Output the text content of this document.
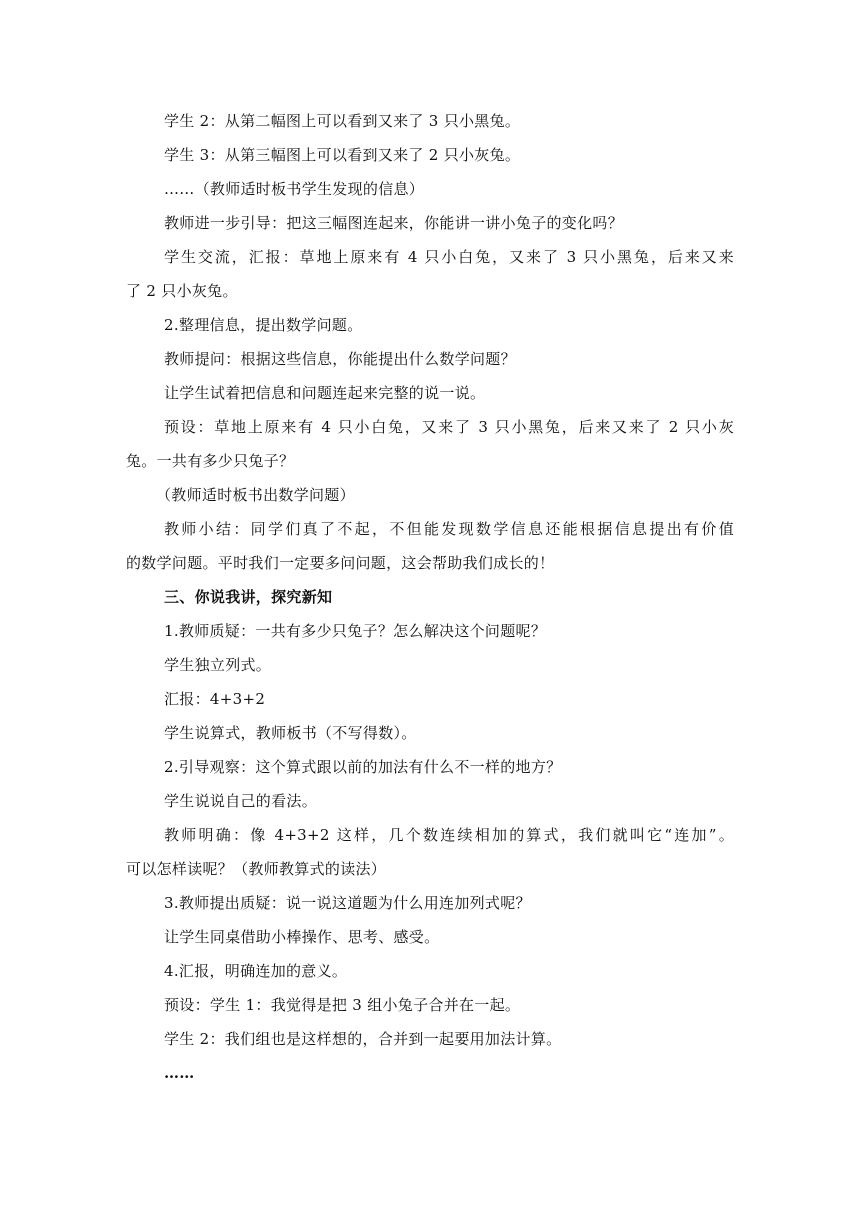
学生 2：从第二幅图上可以看到又来了 3 只小黑兔。
学生 3：从第三幅图上可以看到又来了 2 只小灰兔。
……（教师适时板书学生发现的信息）
教师进一步引导：把这三幅图连起来，你能讲一讲小兔子的变化吗？
学生交流，汇报：草地上原来有 4 只小白兔，又来了 3 只小黑兔，后来又来
了 2 只小灰兔。
2.整理信息，提出数学问题。
教师提问：根据这些信息，你能提出什么数学问题？
让学生试着把信息和问题连起来完整的说一说。
预设：草地上原来有 4 只小白兔，又来了 3 只小黑兔，后来又来了 2 只小灰
兔。一共有多少只兔子？
（教师适时板书出数学问题）
教师小结：同学们真了不起，不但能发现数学信息还能根据信息提出有价值
的数学问题。平时我们一定要多问问题，这会帮助我们成长的！
三、你说我讲，探究新知
1.教师质疑：一共有多少只兔子？怎么解决这个问题呢？
学生独立列式。
汇报：4+3+2
学生说算式，教师板书（不写得数）。
2.引导观察：这个算式跟以前的加法有什么不一样的地方？
学生说说自己的看法。
教师明确：像 4+3+2 这样，几个数连续相加的算式，我们就叫它“连加”。
可以怎样读呢？（教师教算式的读法）
3.教师提出质疑：说一说这道题为什么用连加列式呢？
让学生同桌借助小棒操作、思考、感受。
4.汇报，明确连加的意义。
预设：学生 1：我觉得是把 3 组小兔子合并在一起。
学生 2：我们组也是这样想的，合并到一起要用加法计算。
……
